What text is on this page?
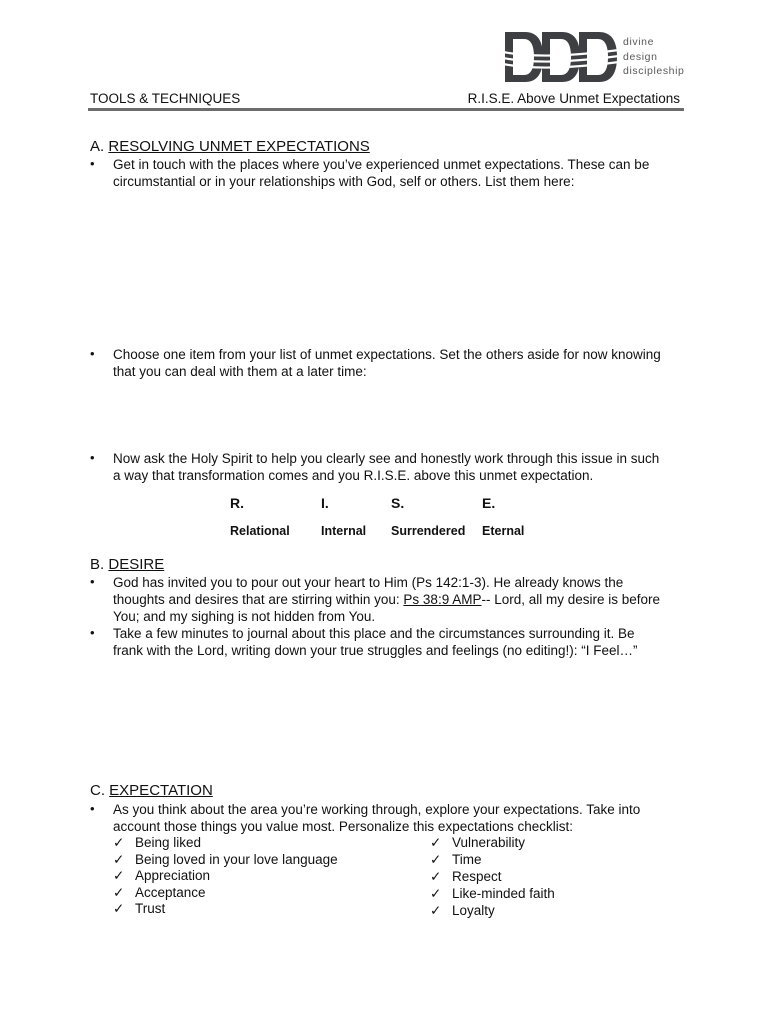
divine
design
discipleship
TOOLS & TECHNIQUES	R.I.S.E. Above Unmet Expectations
A. RESOLVING UNMET EXPECTATIONS
• Get in touch with the places where you’ve experienced unmet expectations. These can be
circumstantial or in your relationships with God, self or others. List them here:
• Choose one item from your list of unmet expectations. Set the others aside for now knowing
that you can deal with them at a later time:
• Now ask the Holy Spirit to help you clearly see and honestly work through this issue in such
a way that transformation comes and you R.I.S.E. above this unmet expectation.
R.
Relational
I.
Internal
S.
Surrendered
E.
Eternal
B. DESIRE
• God has invited you to pour out your heart to Him (Ps 142:1-3). He already knows the
thoughts and desires that are stirring within you: Ps 38:9 AMP-- Lord, all my desire is before
You; and my sighing is not hidden from You.
• Take a few minutes to journal about this place and the circumstances surrounding it. Be
frank with the Lord, writing down your true struggles and feelings (no editing!): “I Feel…”
C. EXPECTATION
• As you think about the area you’re working through, explore your expectations. Take into
account those things you value most. Personalize this expectations checklist:
✓ Being liked
✓ Being loved in your love language
✓ Appreciation
✓ Acceptance
✓ Trust
✓ Vulnerability
✓ Time
✓ Respect
✓ Like-minded faith
✓ Loyalty
